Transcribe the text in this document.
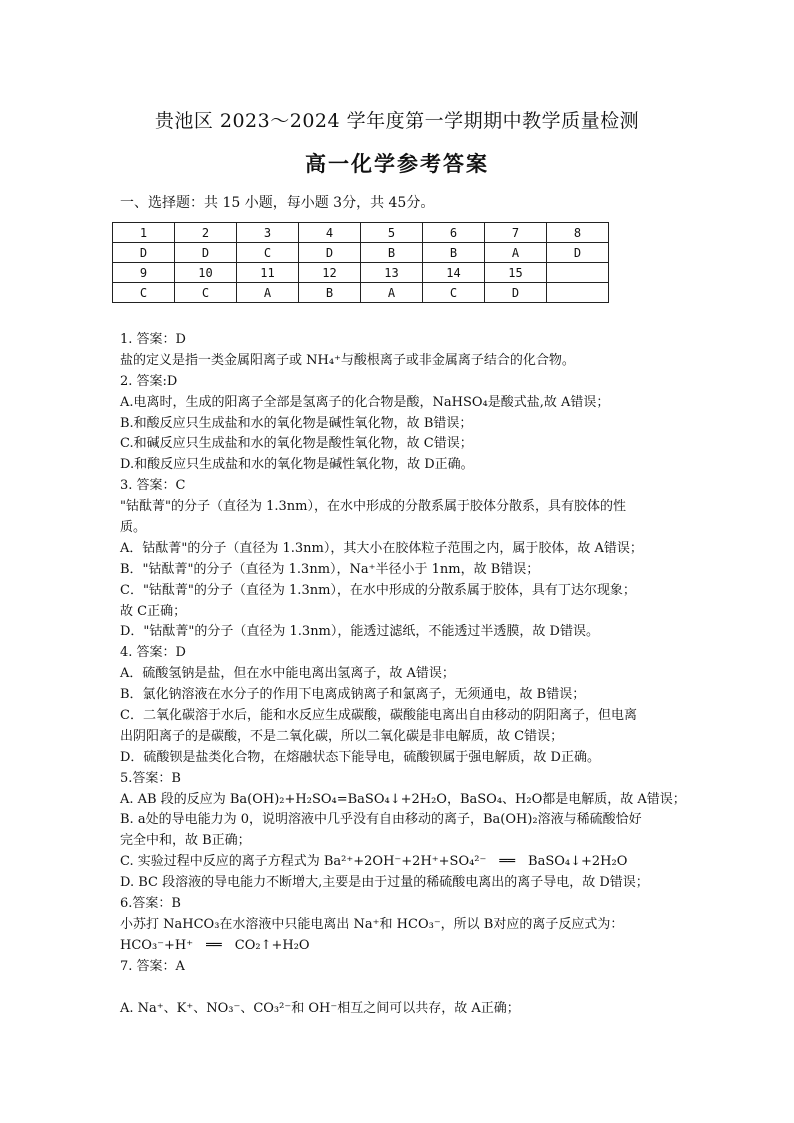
贵池区 2023～2024 学年度第一学期期中教学质量检测
高一化学参考答案
一、选择题：共 15 小题，每小题 3分，共 45分。
1	2	3	4	5	6	7	8
D	D	C	D	B	B	A	D
9	10	11	12	13	14	15	
C	C	A	B	A	C	D	
1. 答案：D
盐的定义是指一类金属阳离子或 NH₄⁺与酸根离子或非金属离子结合的化合物。
2. 答案:D
A.电离时，生成的阳离子全部是氢离子的化合物是酸，NaHSO₄是酸式盐,故 A错误；
B.和酸反应只生成盐和水的氧化物是碱性氧化物，故 B错误；
C.和碱反应只生成盐和水的氧化物是酸性氧化物，故 C错误；
D.和酸反应只生成盐和水的氧化物是碱性氧化物，故 D正确。
3. 答案：C
"钴酞菁"的分子（直径为 1.3nm），在水中形成的分散系属于胶体分散系，具有胶体的性
质。
A．钴酞菁"的分子（直径为 1.3nm），其大小在胶体粒子范围之内，属于胶体，故 A错误；
B．"钴酞菁"的分子（直径为 1.3nm），Na⁺半径小于 1nm，故 B错误；
C．"钴酞菁"的分子（直径为 1.3nm），在水中形成的分散系属于胶体，具有丁达尔现象；
故 C正确；
D．"钴酞菁"的分子（直径为 1.3nm），能透过滤纸，不能透过半透膜，故 D错误。
4. 答案：D
A．硫酸氢钠是盐，但在水中能电离出氢离子，故 A错误；
B．氯化钠溶液在水分子的作用下电离成钠离子和氯离子，无须通电，故 B错误；
C．二氧化碳溶于水后，能和水反应生成碳酸，碳酸能电离出自由移动的阴阳离子，但电离
出阴阳离子的是碳酸，不是二氧化碳，所以二氧化碳是非电解质，故 C错误；
D．硫酸钡是盐类化合物，在熔融状态下能导电，硫酸钡属于强电解质，故 D正确。
5.答案：B
A. AB 段的反应为 Ba(OH)₂+H₂SO₄=BaSO₄↓+2H₂O，BaSO₄、H₂O都是电解质，故 A错误；
B. a处的导电能力为 0，说明溶液中几乎没有自由移动的离子，Ba(OH)₂溶液与稀硫酸恰好
完全中和，故 B正确；
C. 实验过程中反应的离子方程式为 Ba²⁺+2OH⁻+2H⁺+SO₄²⁻　══　BaSO₄↓+2H₂O
D. BC 段溶液的导电能力不断增大,主要是由于过量的稀硫酸电离出的离子导电，故 D错误；
6.答案：B
小苏打 NaHCO₃在水溶液中只能电离出 Na⁺和 HCO₃⁻，所以 B对应的离子反应式为：
HCO₃⁻+H⁺　══　CO₂↑+H₂O
7. 答案：A
A. Na⁺、K⁺、NO₃⁻、CO₃²⁻和 OH⁻相互之间可以共存，故 A正确；
